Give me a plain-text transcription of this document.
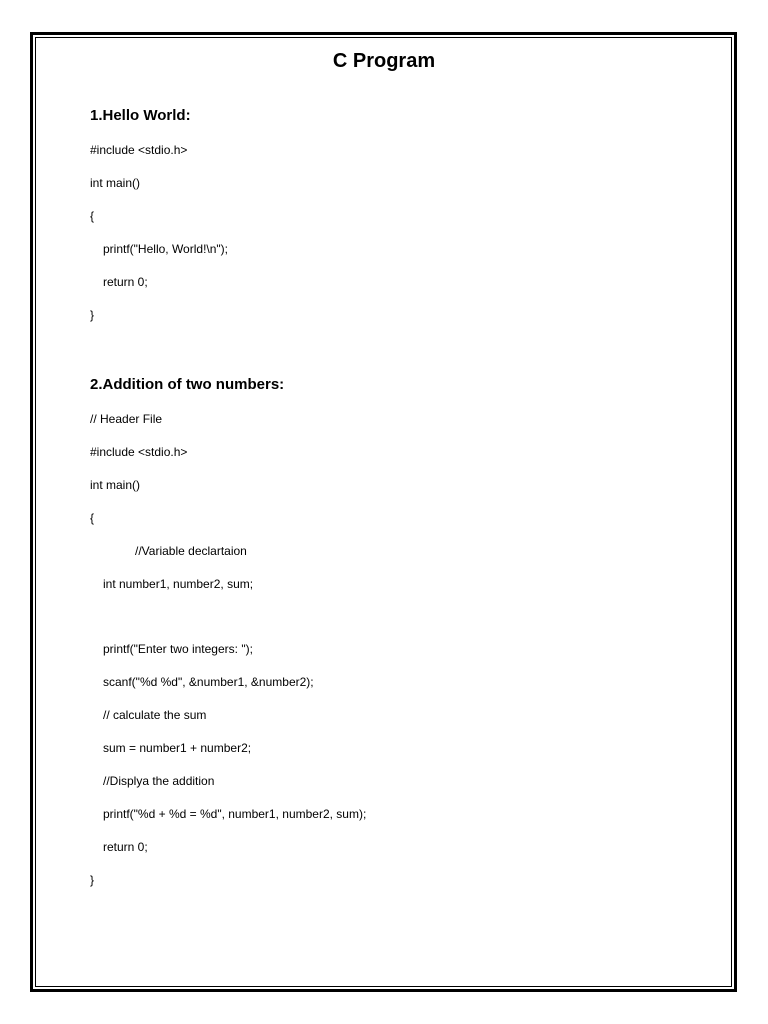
C Program
1.Hello World:
#include <stdio.h>
int main()
{
printf("Hello, World!\n");
return 0;
}
2.Addition of two numbers:
// Header File
#include <stdio.h>
int main()
{
//Variable declartaion
int number1, number2, sum;
printf("Enter two integers: ");
scanf("%d %d", &number1, &number2);
// calculate the sum
sum = number1 + number2;
//Displya the addition
printf("%d + %d = %d", number1, number2, sum);
return 0;
}
